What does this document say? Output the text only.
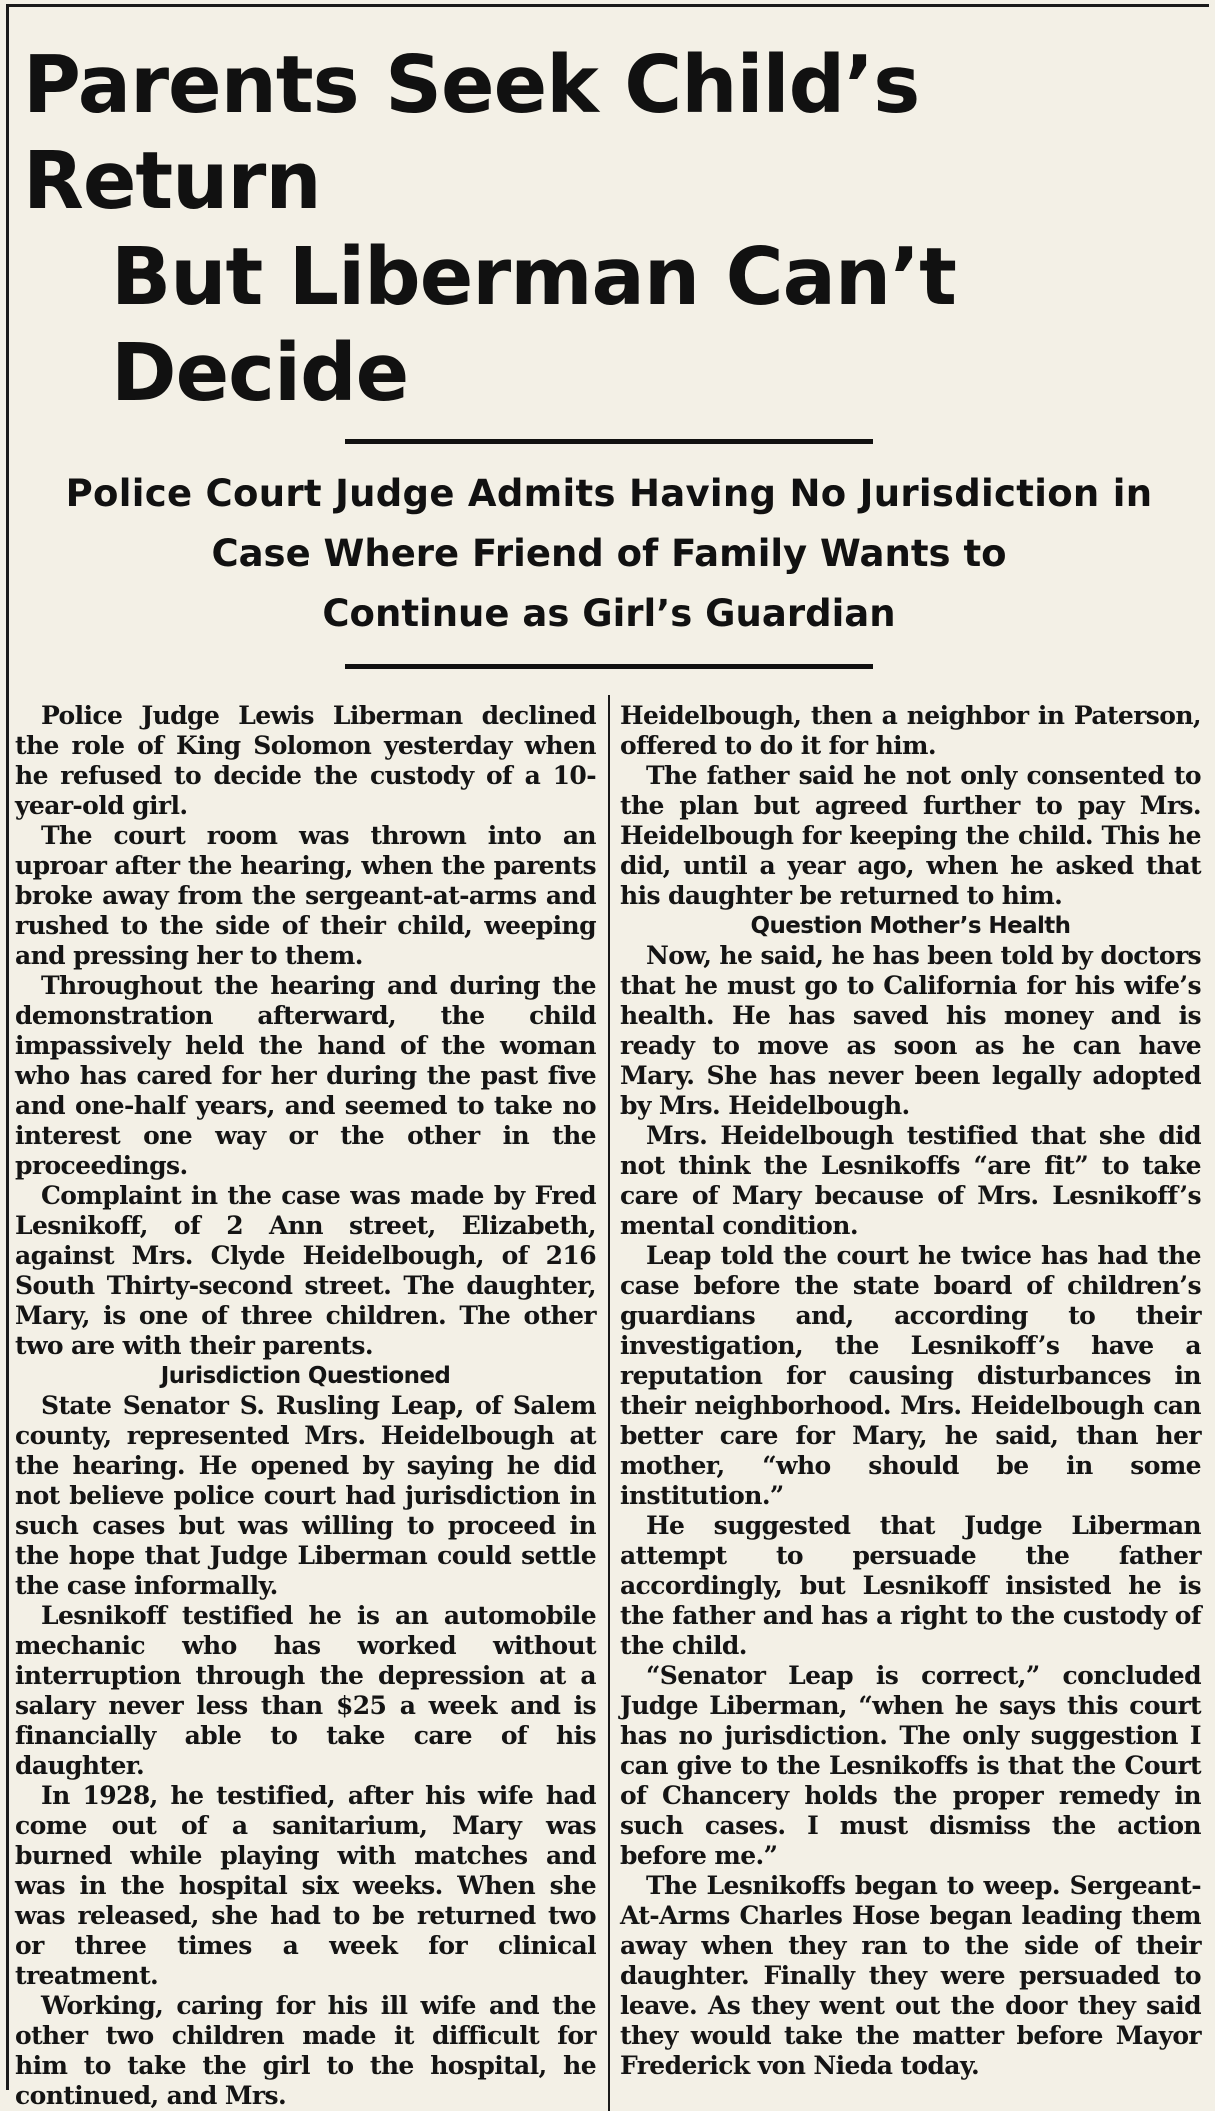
Parents Seek Child’s Return
But Liberman Can’t Decide
Police Court Judge Admits Having No Jurisdiction in
Case Where Friend of Family Wants to
Continue as Girl’s Guardian

Police Judge Lewis Liberman declined the role of King Solomon yesterday when he refused to decide the custody of a 10-year-old girl.

The court room was thrown into an uproar after the hearing, when the parents broke away from the sergeant-at-arms and rushed to the side of their child, weeping and pressing her to them.

Throughout the hearing and during the demonstration afterward, the child impassively held the hand of the woman who has cared for her during the past five and one-half years, and seemed to take no interest one way or the other in the proceedings.

Complaint in the case was made by Fred Lesnikoff, of 2 Ann street, Elizabeth, against Mrs. Clyde Heidelbough, of 216 South Thirty-second street. The daughter, Mary, is one of three children. The other two are with their parents.

Jurisdiction Questioned

State Senator S. Rusling Leap, of Salem county, represented Mrs. Heidelbough at the hearing. He opened by saying he did not believe police court had jurisdiction in such cases but was willing to proceed in the hope that Judge Liberman could settle the case informally.

Lesnikoff testified he is an automobile mechanic who has worked without interruption through the depression at a salary never less than $25 a week and is financially able to take care of his daughter.

In 1928, he testified, after his wife had come out of a sanitarium, Mary was burned while playing with matches and was in the hospital six weeks. When she was released, she had to be returned two or three times a week for clinical treatment.

Working, caring for his ill wife and the other two children made it difficult for him to take the girl to the hospital, he continued, and Mrs.

Heidelbough, then a neighbor in Paterson, offered to do it for him.

The father said he not only consented to the plan but agreed further to pay Mrs. Heidelbough for keeping the child. This he did, until a year ago, when he asked that his daughter be returned to him.

Question Mother’s Health

Now, he said, he has been told by doctors that he must go to California for his wife’s health. He has saved his money and is ready to move as soon as he can have Mary. She has never been legally adopted by Mrs. Heidelbough.

Mrs. Heidelbough testified that she did not think the Lesnikoffs “are fit” to take care of Mary because of Mrs. Lesnikoff’s mental condition.

Leap told the court he twice has had the case before the state board of children’s guardians and, according to their investigation, the Lesnikoff’s have a reputation for causing disturbances in their neighborhood. Mrs. Heidelbough can better care for Mary, he said, than her mother, “who should be in some institution.”

He suggested that Judge Liberman attempt to persuade the father accordingly, but Lesnikoff insisted he is the father and has a right to the custody of the child.

“Senator Leap is correct,” concluded Judge Liberman, “when he says this court has no jurisdiction. The only suggestion I can give to the Lesnikoffs is that the Court of Chancery holds the proper remedy in such cases. I must dismiss the action before me.”

The Lesnikoffs began to weep. Sergeant-At-Arms Charles Hose began leading them away when they ran to the side of their daughter. Finally they were persuaded to leave. As they went out the door they said they would take the matter before Mayor Frederick von Nieda today.
